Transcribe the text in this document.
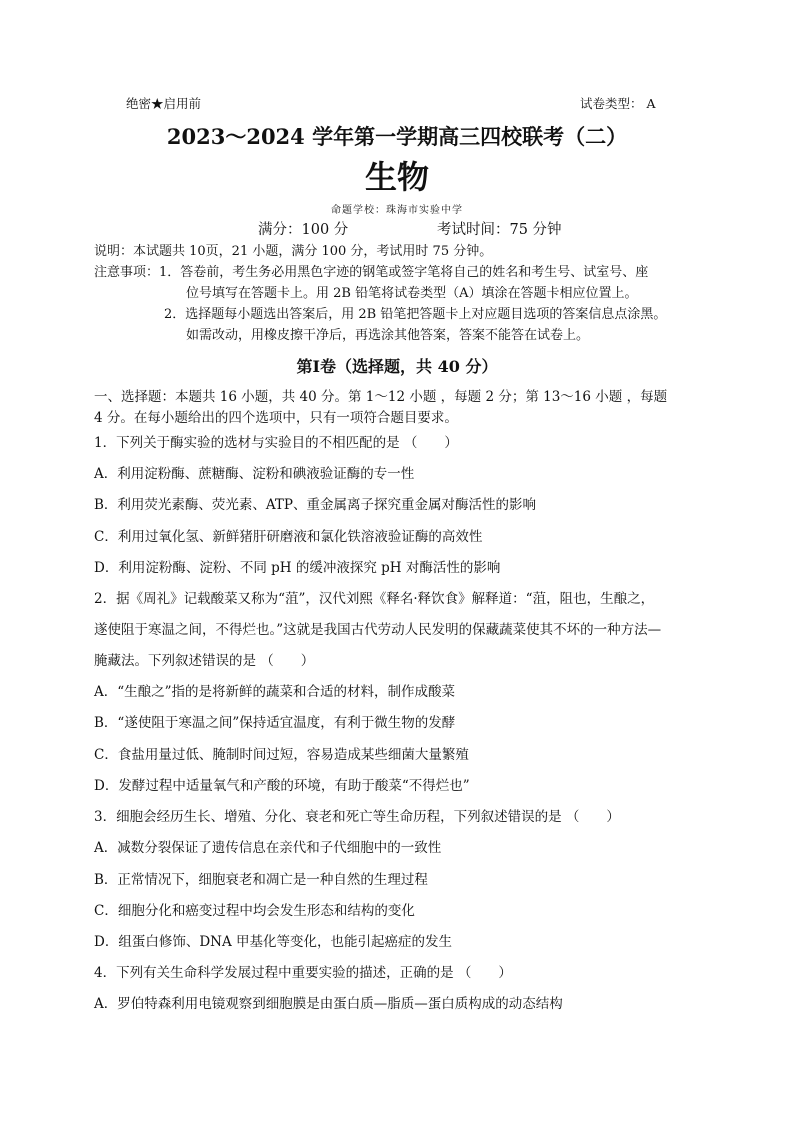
绝密★启用前	试卷类型： A
2023～2024 学年第一学期高三四校联考（二）
生物
命题学校：珠海市实验中学
满分：100 分	考试时间：75 分钟
说明：本试题共 10页，21 小题，满分 100 分，考试用时 75 分钟。
注意事项：1．答卷前，考生务必用黑色字迹的钢笔或签字笔将自己的姓名和考生号、试室号、座
位号填写在答题卡上。用 2B 铅笔将试卷类型（A）填涂在答题卡相应位置上。
2．选择题每小题选出答案后，用 2B 铅笔把答题卡上对应题目选项的答案信息点涂黑。
如需改动，用橡皮擦干净后，再选涂其他答案，答案不能答在试卷上。
第Ⅰ卷（选择题，共 40 分）
一、选择题：本题共 16 小题，共 40 分。第 1～12 小题 ，每题 2 分；第 13～16 小题 ，每题
4 分。在每小题给出的四个选项中，只有一项符合题目要求。
1．下列关于酶实验的选材与实验目的不相匹配的是 （　　）
A．利用淀粉酶、蔗糖酶、淀粉和碘液验证酶的专一性
B．利用荧光素酶、荧光素、ATP、重金属离子探究重金属对酶活性的影响
C．利用过氧化氢、新鲜猪肝研磨液和氯化铁溶液验证酶的高效性
D．利用淀粉酶、淀粉、不同 pH 的缓冲液探究 pH 对酶活性的影响
2．据《周礼》记载酸菜又称为“菹”，汉代刘熙《释名·释饮食》解释道：“菹，阻也，生酿之，
遂使阻于寒温之间，不得烂也。”这就是我国古代劳动人民发明的保藏蔬菜使其不坏的一种方法—
腌藏法。下列叙述错误的是 （　　）
A．“生酿之”指的是将新鲜的蔬菜和合适的材料，制作成酸菜
B．“遂使阻于寒温之间”保持适宜温度，有利于微生物的发酵
C．食盐用量过低、腌制时间过短，容易造成某些细菌大量繁殖
D．发酵过程中适量氧气和产酸的环境，有助于酸菜“不得烂也”
3．细胞会经历生长、增殖、分化、衰老和死亡等生命历程，下列叙述错误的是 （　　）
A．减数分裂保证了遗传信息在亲代和子代细胞中的一致性
B．正常情况下，细胞衰老和凋亡是一种自然的生理过程
C．细胞分化和癌变过程中均会发生形态和结构的变化
D．组蛋白修饰、DNA 甲基化等变化，也能引起癌症的发生
4．下列有关生命科学发展过程中重要实验的描述，正确的是 （　　）
A．罗伯特森利用电镜观察到细胞膜是由蛋白质—脂质—蛋白质构成的动态结构
